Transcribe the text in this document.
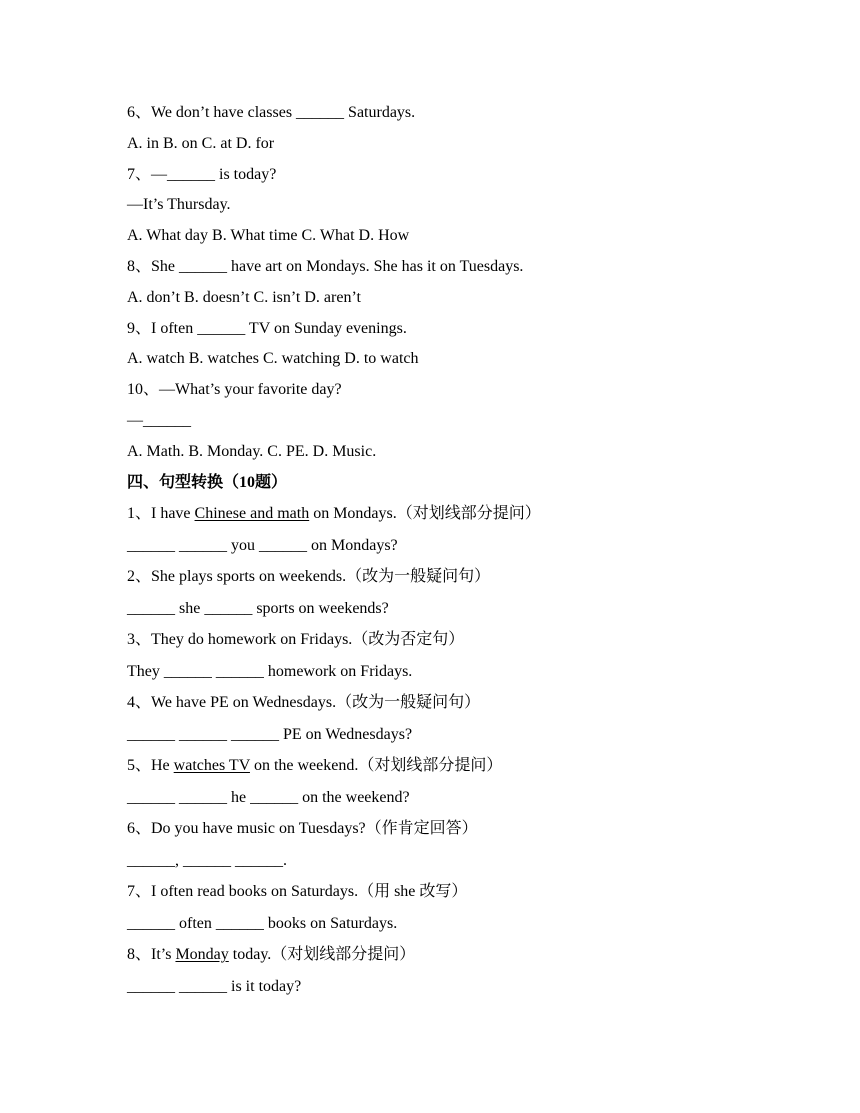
6、We don’t have classes ______ Saturdays.
A. in B. on C. at D. for
7、—______ is today?
—It’s Thursday.
A. What day B. What time C. What D. How
8、She ______ have art on Mondays. She has it on Tuesdays.
A. don’t B. doesn’t C. isn’t D. aren’t
9、I often ______ TV on Sunday evenings.
A. watch B. watches C. watching D. to watch
10、—What’s your favorite day?
—______
A. Math. B. Monday. C. PE. D. Music.
四、句型转换（10题）
1、I have Chinese and math on Mondays.（对划线部分提问）
______ ______ you ______ on Mondays?
2、She plays sports on weekends.（改为一般疑问句）
______ she ______ sports on weekends?
3、They do homework on Fridays.（改为否定句）
They ______ ______ homework on Fridays.
4、We have PE on Wednesdays.（改为一般疑问句）
______ ______ ______ PE on Wednesdays?
5、He watches TV on the weekend.（对划线部分提问）
______ ______ he ______ on the weekend?
6、Do you have music on Tuesdays?（作肯定回答）
______, ______ ______.
7、I often read books on Saturdays.（用 she 改写）
______ often ______ books on Saturdays.
8、It’s Monday today.（对划线部分提问）
______ ______ is it today?
